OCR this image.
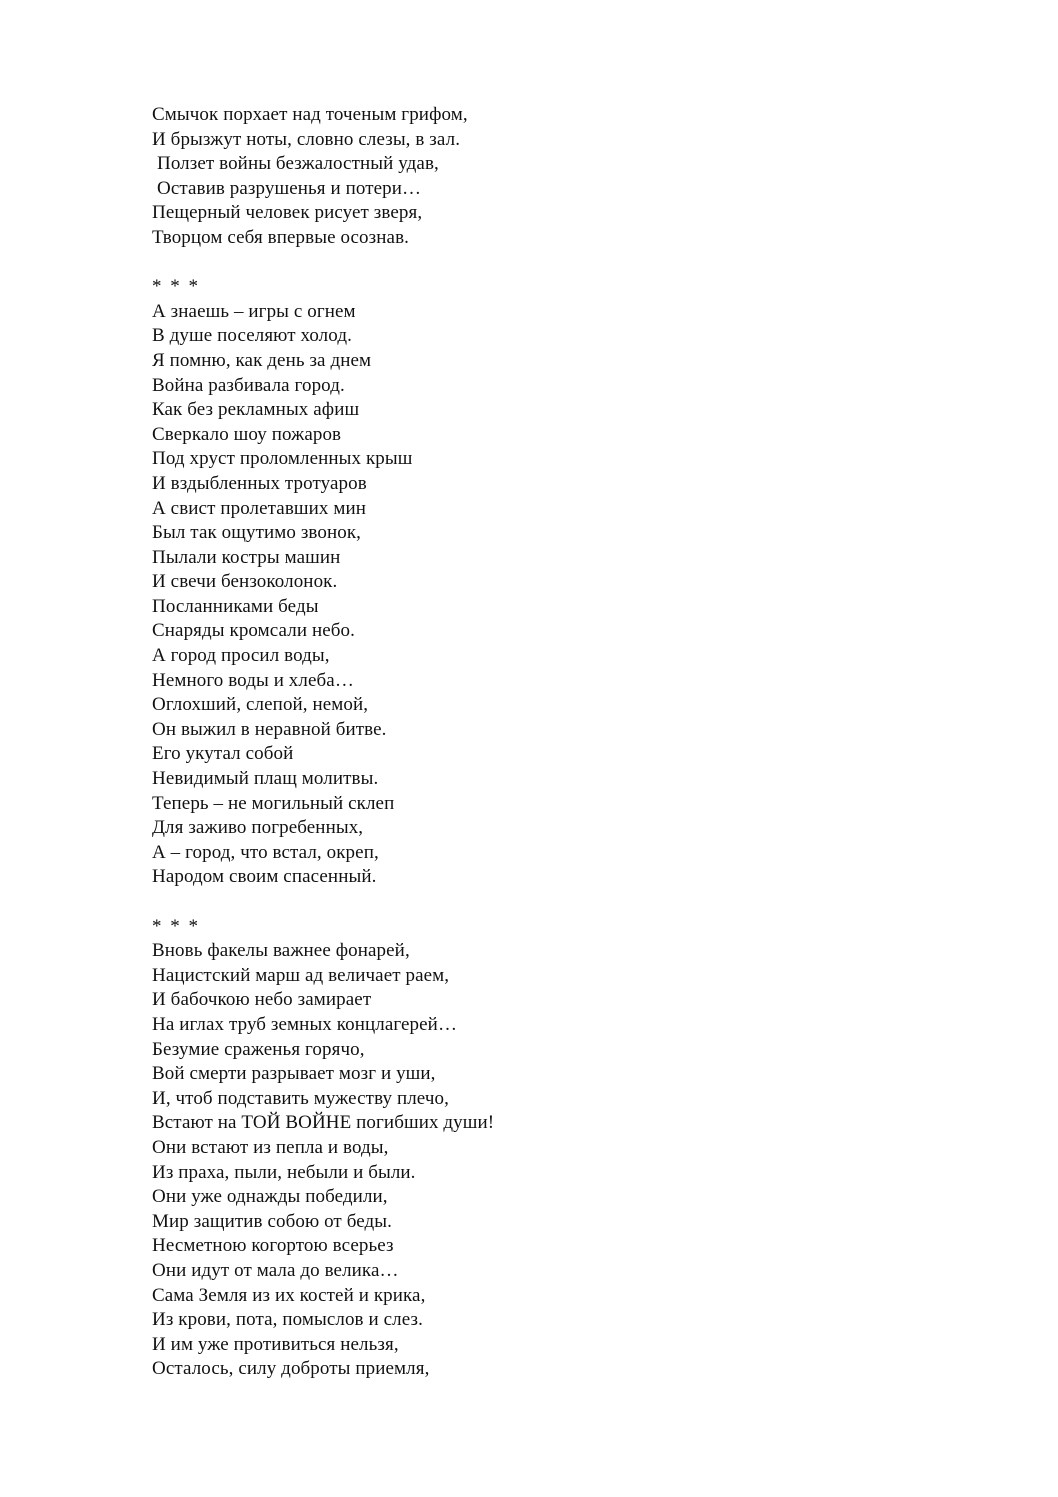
Смычок порхает над точеным грифом,
И брызжут ноты, словно слезы, в зал.
Ползет войны безжалостный удав,
Оставив разрушенья и потери…
Пещерный человек рисует зверя,
Творцом себя впервые осознав.
* * *
А знаешь – игры с огнем
В душе поселяют холод.
Я помню, как день за днем
Война разбивала город.
Как без рекламных афиш
Сверкало шоу пожаров
Под хруст проломленных крыш
И вздыбленных тротуаров
А свист пролетавших мин
Был так ощутимо звонок,
Пылали костры машин
И свечи бензоколонок.
Посланниками беды
Снаряды кромсали небо.
А город просил воды,
Немного воды и хлеба…
Оглохший, слепой, немой,
Он выжил в неравной битве.
Его укутал собой
Невидимый плащ молитвы.
Теперь – не могильный склеп
Для заживо погребенных,
А – город, что встал, окреп,
Народом своим спасенный.
* * *
Вновь факелы важнее фонарей,
Нацистский марш ад величает раем,
И бабочкою небо замирает
На иглах труб земных концлагерей…
Безумие сраженья горячо,
Вой смерти разрывает мозг и уши,
И, чтоб подставить мужеству плечо,
Встают на ТОЙ ВОЙНЕ погибших души!
Они встают из пепла и воды,
Из праха, пыли, небыли и были.
Они уже однажды победили,
Мир защитив собою от беды.
Несметною когортою всерьез
Они идут от мала до велика…
Сама Земля из их костей и крика,
Из крови, пота, помыслов и слез.
И им уже противиться нельзя,
Осталось, силу доброты приемля,
